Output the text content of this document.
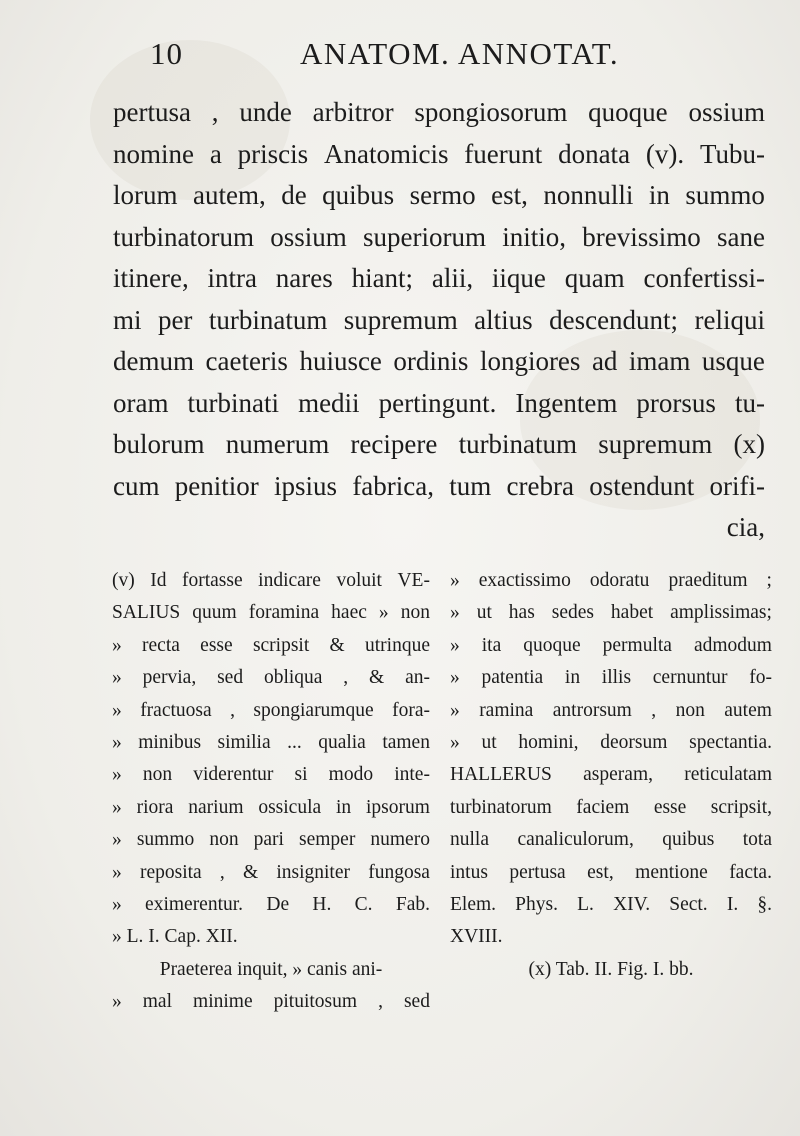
10	ANATOM. ANNOTAT.
pertusa , unde arbitror spongiosorum quoque ossium
nomine a priscis Anatomicis fuerunt donata (v). Tubu-
lorum autem, de quibus sermo est, nonnulli in summo
turbinatorum ossium superiorum initio, brevissimo sane
itinere, intra nares hiant; alii, iique quam confertissi-
mi per turbinatum supremum altius descendunt; reliqui
demum caeteris huiusce ordinis longiores ad imam usque
oram turbinati medii pertingunt. Ingentem prorsus tu-
bulorum numerum recipere turbinatum supremum (x)
cum penitior ipsius fabrica, tum crebra ostendunt orifi-
cia,
(v) Id fortasse indicare voluit VE-
SALIUS quum foramina haec » non
» recta esse scripsit & utrinque
» pervia, sed obliqua , & an-
» fractuosa , spongiarumque fora-
» minibus similia ... qualia tamen
» non viderentur si modo inte-
» riora narium ossicula in ipsorum
» summo non pari semper numero
» reposita , & insigniter fungosa
» eximerentur. De H. C. Fab.
» L. I. Cap. XII.
Praeterea inquit, » canis ani-
» mal minime pituitosum , sed
» exactissimo odoratu praeditum ;
» ut has sedes habet amplissimas;
» ita quoque permulta admodum
» patentia in illis cernuntur fo-
» ramina antrorsum , non autem
» ut homini, deorsum spectantia.
HALLERUS asperam, reticulatam
turbinatorum faciem esse scripsit,
nulla canaliculorum, quibus tota
intus pertusa est, mentione facta.
Elem. Phys. L. XIV. Sect. I. §.
XVIII.
(x) Tab. II. Fig. I. bb.
